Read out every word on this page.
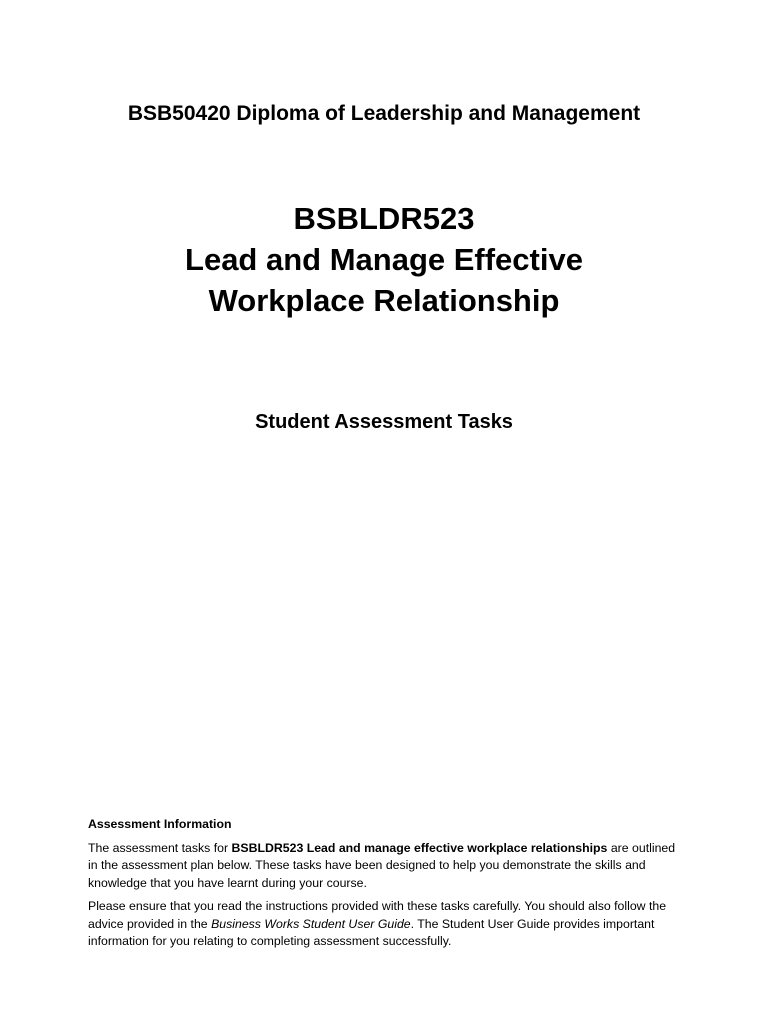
BSB50420 Diploma of Leadership and Management
BSBLDR523
Lead and Manage Effective
Workplace Relationship
Student Assessment Tasks
Assessment Information

The assessment tasks for BSBLDR523 Lead and manage effective workplace relationships are outlined in the assessment plan below. These tasks have been designed to help you demonstrate the skills and knowledge that you have learnt during your course.

Please ensure that you read the instructions provided with these tasks carefully. You should also follow the advice provided in the Business Works Student User Guide. The Student User Guide provides important information for you relating to completing assessment successfully.
